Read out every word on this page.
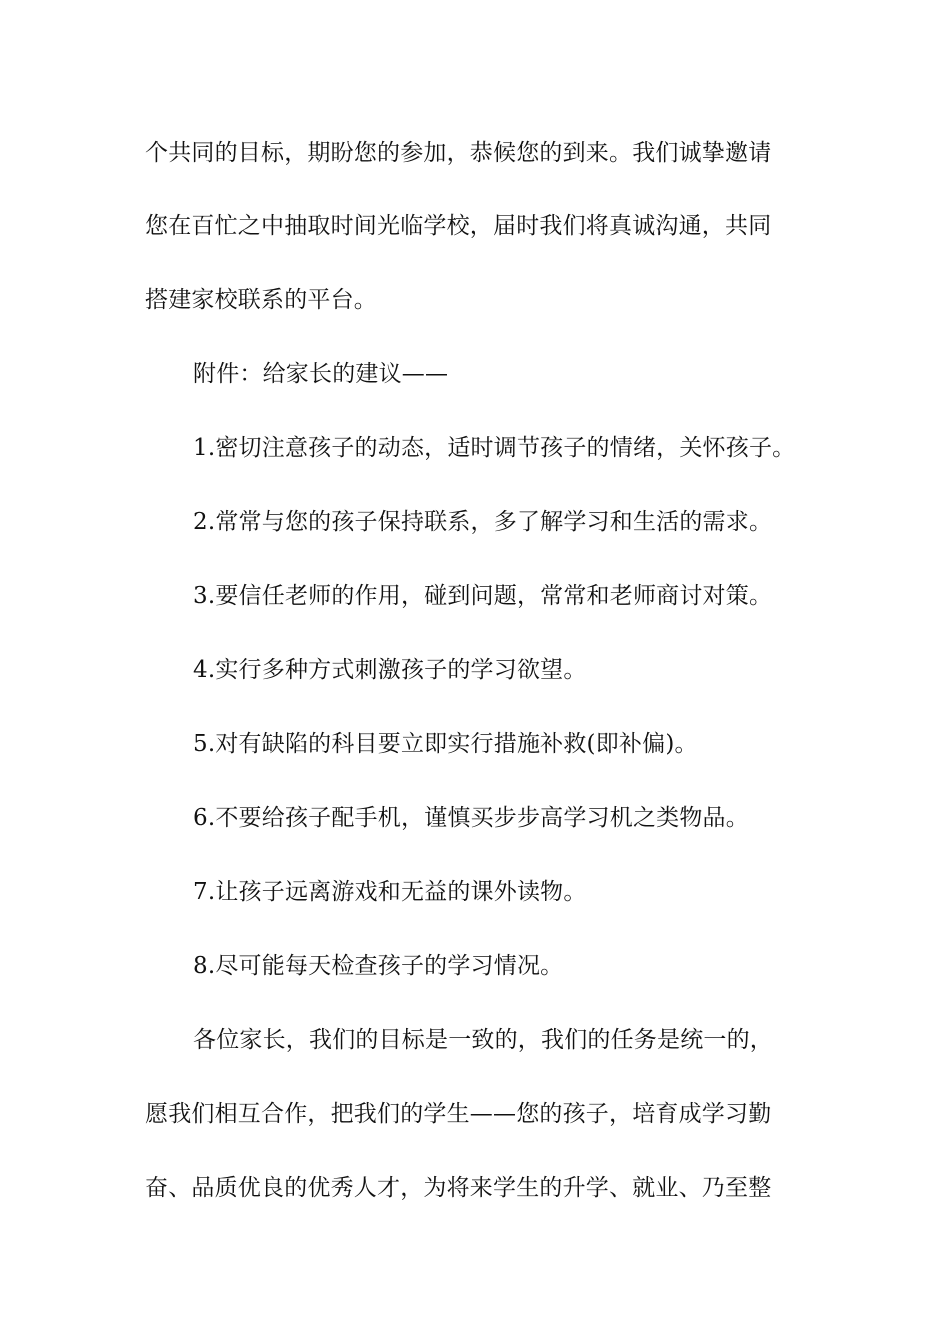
个共同的目标，期盼您的参加，恭候您的到来。我们诚挚邀请
您在百忙之中抽取时间光临学校，届时我们将真诚沟通，共同
搭建家校联系的平台。
附件：给家长的建议——
1.密切注意孩子的动态，适时调节孩子的情绪，关怀孩子。
2.常常与您的孩子保持联系，多了解学习和生活的需求。
3.要信任老师的作用，碰到问题，常常和老师商讨对策。
4.实行多种方式刺激孩子的学习欲望。
5.对有缺陷的科目要立即实行措施补救(即补偏)。
6.不要给孩子配手机，谨慎买步步高学习机之类物品。
7.让孩子远离游戏和无益的课外读物。
8.尽可能每天检查孩子的学习情况。
各位家长，我们的目标是一致的，我们的任务是统一的，
愿我们相互合作，把我们的学生——您的孩子，培育成学习勤
奋、品质优良的优秀人才，为将来学生的升学、就业、乃至整
